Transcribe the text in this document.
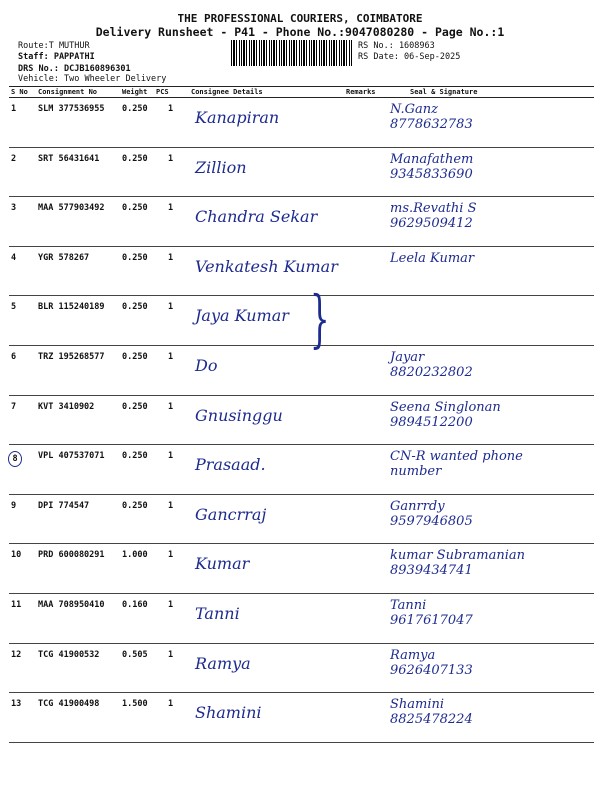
THE PROFESSIONAL COURIERS, COIMBATORE
Delivery Runsheet - P41 - Phone No.:9047080280 - Page No.:1
Route:T MUTHUR
Staff: PAPPATHI
DRS No.: DCJB160896301
Vehicle: Two Wheeler Delivery
RS No.: 1608963
RS Date: 06-Sep-2025
S No	Consignment No	Weight	PCS	Consignee Details	Remarks	Seal & Signature
1	SLM 377536955	0.250	1	Kanapiran		N.Ganz
8778632783

2	SRT 56431641	0.250	1	Zillion		Manafathem
9345833690

3	MAA 577903492	0.250	1	Chandra Sekar		ms.Revathi S
9629509412

4	YGR 578267	0.250	1	Venkatesh Kumar		Leela Kumar

5	BLR 115240189	0.250	1	Jaya Kumar		

6	TRZ 195268577	0.250	1	Do		Jayar
8820232802

7	KVT 3410902	0.250	1	Gnusinggu		Seena Singlonan
9894512200

8	VPL 407537071	0.250	1	Prasaad.		CN-R wanted phone
number

9	DPI 774547	0.250	1	Gancrraj		Ganrrdy
9597946805

10	PRD 600080291	1.000	1	Kumar		kumar Subramanian
8939434741

11	MAA 708950410	0.160	1	Tanni		Tanni
9617617047

12	TCG 41900532	0.505	1	Ramya		Ramya
9626407133

13	TCG 41900498	1.500	1	Shamini		Shamini
8825478224
}
